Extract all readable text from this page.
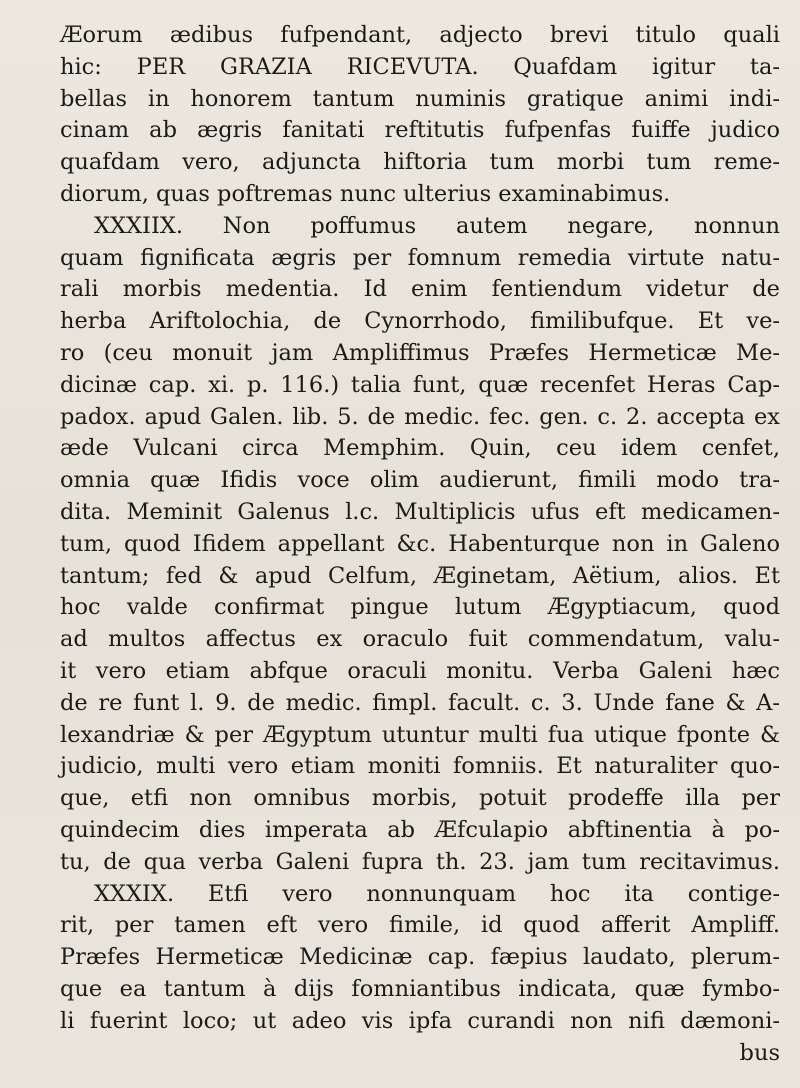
Æorum ædibus fufpendant, adjecto brevi titulo quali
hic: PER GRAZIA RICEVUTA. Quafdam igitur ta-
bellas in honorem tantum numinis gratique animi indi-
cinam ab ægris fanitati reftitutis fufpenfas fuiffe judico
quafdam vero, adjuncta hiftoria tum morbi tum reme-
diorum, quas poftremas nunc ulterius examinabimus.
XXXIIX. Non poffumus autem negare, nonnun
quam fignificata ægris per fomnum remedia virtute natu-
rali morbis medentia. Id enim fentiendum videtur de
herba Ariftolochia, de Cynorrhodo, fimilibufque. Et ve-
ro (ceu monuit jam Ampliffimus Præfes Hermeticæ Me-
dicinæ cap. xi. p. 116.) talia funt, quæ recenfet Heras Cap-
padox. apud Galen. lib. 5. de medic. fec. gen. c. 2. accepta ex
æde Vulcani circa Memphim. Quin, ceu idem cenfet,
omnia quæ Ifidis voce olim audierunt, fimili modo tra-
dita. Meminit Galenus l.c. Multiplicis ufus eft medicamen-
tum, quod Ifidem appellant &c. Habenturque non in Galeno
tantum; fed & apud Celfum, Æginetam, Aëtium, alios. Et
hoc valde confirmat pingue lutum Ægyptiacum, quod
ad multos affectus ex oraculo fuit commendatum, valu-
it vero etiam abfque oraculi monitu. Verba Galeni hæc
de re funt l. 9. de medic. fimpl. facult. c. 3. Unde fane & A-
lexandriæ & per Ægyptum utuntur multi fua utique fponte &
judicio, multi vero etiam moniti fomniis. Et naturaliter quo-
que, etfi non omnibus morbis, potuit prodeffe illa per
quindecim dies imperata ab Æfculapio abftinentia à po-
tu, de qua verba Galeni fupra th. 23. jam tum recitavimus.
XXXIX. Etfi vero nonnunquam hoc ita contige-
rit, per tamen eft vero fimile, id quod afferit Ampliff.
Præfes Hermeticæ Medicinæ cap. fæpius laudato, plerum-
que ea tantum à dijs fomniantibus indicata, quæ fymbo-
li fuerint loco; ut adeo vis ipfa curandi non nifi dæmoni-
bus
